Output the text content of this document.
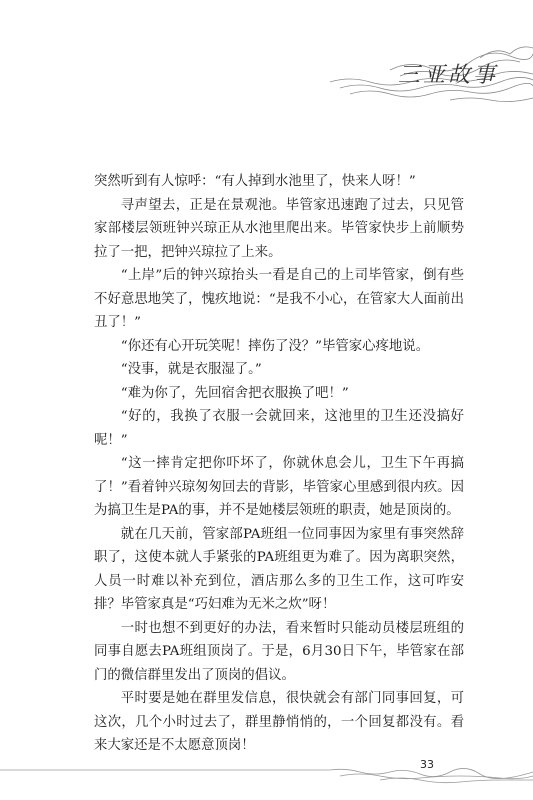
三亚故事

突然听到有人惊呼：“有人掉到水池里了，快来人呀！”

寻声望去，正是在景观池。毕管家迅速跑了过去，只见管家部楼层领班钟兴琼正从水池里爬出来。毕管家快步上前顺势拉了一把，把钟兴琼拉了上来。

“上岸”后的钟兴琼抬头一看是自己的上司毕管家，倒有些不好意思地笑了，愧疚地说：“是我不小心，在管家大人面前出丑了！”

“你还有心开玩笑呢！摔伤了没？”毕管家心疼地说。

“没事，就是衣服湿了。”

“难为你了，先回宿舍把衣服换了吧！”

“好的，我换了衣服一会就回来，这池里的卫生还没搞好呢！”

“这一摔肯定把你吓坏了，你就休息会儿，卫生下午再搞了！”看着钟兴琼匆匆回去的背影，毕管家心里感到很内疚。因为搞卫生是PA的事，并不是她楼层领班的职责，她是顶岗的。

就在几天前，管家部PA班组一位同事因为家里有事突然辞职了，这使本就人手紧张的PA班组更为难了。因为离职突然，人员一时难以补充到位，酒店那么多的卫生工作，这可咋安排？毕管家真是“巧妇难为无米之炊”呀！

一时也想不到更好的办法，看来暂时只能动员楼层班组的同事自愿去PA班组顶岗了。于是，6月30日下午，毕管家在部门的微信群里发出了顶岗的倡议。

平时要是她在群里发信息，很快就会有部门同事回复，可这次，几个小时过去了，群里静悄悄的，一个回复都没有。看来大家还是不太愿意顶岗！

33
